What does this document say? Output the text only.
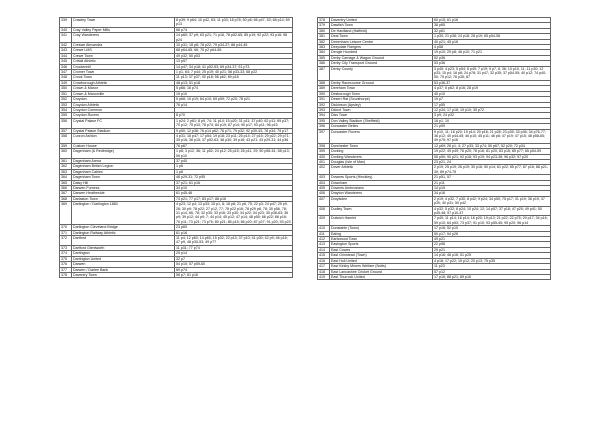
339	Crawley Town	8 p39; 9 p64; 10 p42, 63; 11 p33; 18 p78; 50 p6; 66 p47, 53; 68 p14; 69 p13
340	Cray Valley Paper Mills	68 p74
341	Cray Wanderers	14 p60; 37 p9; 63 p21; 71 p16, 78 p52-65; 85 p19; 92 p22; 93 p16; 96 p24
342	Creswe Alexandra	10 p31; 18 p8; 78 p22; 79 p34-37; 88 p44-45
343	Crewe LMS	68 p64-65, 66; 75 p2 p64-65
344	Crewe Town	49 p32; 50 p53
345	Crittall Athletic	13 p57
346	Crockenhill	14 p47; 34 p18; 41 p52-53; 69 p34-37; 91 p73
347	Cromer Town	1 p1, 64; 7 p44; 25 p19; 40 p21; 58 p33-33; 68 p22
348	Crook Town	11 p13; 37 p37; 40 p18; 56 p62; 69 p18
349	Crowborough Athletic	48 p13; 51 p18
350	Crown & Manor	5 p66; 16 p74
351	Crown & Manorville	19 p10
352	Croydon	9 p68; 10 p19; 64 p10; 69 p59; 72 p20; 78 p21
353	Croydon Athletic	76 p14
354	Croydon Common	
355	Croydon Rovers	8 p70
356	Crystal Palace FC	1 p24; 2 p61; 8 p9, 74; 11 p14; 15 p20; 31 p11; 37 p40; 62 p11; 69 p37; 70 p12; 75 p10; 78 p74; 84 p19; 87 p14; 90 p17; 93 p11; 96 p15
357	Crystal Palace Stadium	9 p50; 12 p36; 76 p14 p62; 76 p71; 79 p32; 92 p39-43; 78 p34; 79 p17
358	Curzon Ashton	4 p31; 16 p47; 17 p54; 19 p18; 23 p11; 25 p14; 27 p15; 29 p22; 29 p71; 35 p16; 36 p15; 37 p52-63; 38 p30; 39 p16; 43 p21; 43 p29-31; 44 p36
359	Custom House	76 p67
360	Dagenham (& Redbridge)	1 p6; 3 p12, 36; 11 p52; 24 p12; 25 p15; 26 p11, 29; 50 p56-61; 58 p13; 59 p10
361	Dagenham Arena	37 p40
362	Dagenham British Legion	1 p6
363	Dagenham Cables	1 p6
364	Dagenham Town	46 p29-31; 72 p55
365	Daisy Hill	37 p21; 61 p16
366	Darwen Furness	34 p10
367	Darwen Heatheside	61 p45-46
368	Darlaston Town	74 p21; 77 p17; 83 p17; 88 p16
369	Darlington / Darlington 1883	4 p23; 12 p4; 13 p33; 15 p1, 8; 18 p8; 21 p6, 75; 22 p3; 24 p47; 25 p9, 26; 30 p9; 78 p22; 27 p12, 77; 78 p22 p16; 78 p29 p8, 78; 30 p56, 78; 31 p14, 66, 78; 32 p30; 33 p16; 33 p30; 34 p22; 34 p23; 35 p38-63; 36 p9; 39 p12; 44 p9; 7; 44 p14; 45 p12; 47 p14; 48 p50; 66 p22; 68 p16; 70 p11; 73 p21; 73 p75; 80 p21; 85 p15; 86 p20; 87 p27; 91 p20; 93 p23
370	Darlington Cleveland Bridge	23 p69
371	Darlington Railway Athletic	61 p16
372	Dartford	11 p4; 12 p60; 14 p60; 15 p32; 22 p13; 37 p10; 41 p30; 42 p9; 46 p16; 47 p9, 48 p30-53; 49 p77
373	Dartford Glentworth	11 p31; 77 p74
374	Dartington	25 p14
375	Dartington United	32 p7
376	Darwen	54 p10; 57 p59-60
377	Darwen / Darlee Bank	69 p74
378	Daventry Town	56 p7; 61 p16
378	Daventry United	60 p15; 61 p16
379	Dawlish Town	38 p65
380	De Havilland (Hatfield)	32 p61
381	Deal Town	1 p30; 21 p38; 24 p18; 28 p19; 65 p54-58
382	Debenham Leisure Centre	40 p21; 45 p16
383	Deepdale Rangers	4 p58
384	Dengie Hundred	19 p10; 29 p8; 46 p10; 71 p21
385	Derby Carriage & Wagon Ground	52 p36
386	Derby City Transport Ground	53 p36
387	Derby County	3 p45; 4 p23; 5 p54; 6 p49; 7 p19; 9 p7, 8, 36; 10 p10, 11; 11 p30; 12 p33; 15 p4; 18 p8; 24 p78; 31 p47; 32 p35; 37 p54-55; 40 p12; 74 p40-50; 75 p12; 76 p35; 87
388	Derby Racecourse Ground	53 p36-37
389	Dereham Town	4 p37; 6 p62; 8 p16; 28 p19
390	Desborough Town	45 p10
391	Desert Rat (Scunthorpe)	19 p7
392	Dickinson (Apsley)	17 p55
393	Didcot Town	12 p34; 17 p18; 19 p10; 35 p72
394	Diss Town	3 p9; 24 p32
395	Don Valley Stadium (Sheffield)	16 p1, 10
396	Doncaster Belles	21 p59
397	Doncaster Rovers	9 p10, 11; 16 p20; 19 p14; 20 p16; 21 p28; 23 p35; 33 p36; 34 p76-77; 36 p12; 40 p44-45; 46 p10; 45 p11; 46 p8; 47 p19; 47 p15; 48 p58-65; 49 p75; 97 p16
398	Dorchester Town	12 p69; 26 p1, 4; 27 p33; 33 p74; 50 p67; 52 p20; 72 p34
399	Dorking	19 p22; 49 p49; 76 p20; 78 p16; 81 p20; 83 p15; 85 p77; 85 p54-59
400	Dorking Wanderers	55 p50; 90 p21; 92 p18; 93 p19; 94 p23-38; 96 p32; 97 p20
401	Douglas (Isle of Man)	23 p21, 24
402	Dover Athletic	2 p19; 25 p19; 26 p19; 30 p16; 50 p14; 61 p22; 85 p77; 87 p16; 88 p21-30; 89 p74-75
403	Downes Sports (Hinckley)	21 p51, 57
404	Downham	21 p11
405	Downes Ambrosians	14 p15
406	Drayton Wanderers	34 p16
407	Droylsden	2 p19; 4 p32; 7 p30; 8 p42; 9 p24; 34 p50; 75 p17; 31 p19; 36 p19; 37 p30; 40 p31; 50 p42
408	Dudley Town	4 p32; 5 p32; 6 p24; 10 p24; 12; 14 p57; 37 p18; 47 p20; 49 p41; 50 p45-46; 57 p10-47
409	Dulwich Hamlet	7 p40; 11 p14; 16 p14; 16 p20; 19 p13; 21 p22; 22 p75; 29 p17; 34 p16; 59 p10; 64 p53; 73 p37; 91 p10; 93 p55-45; 95 p20; 96 p14
410	Dunstable (Town)	17 p16; 52 p10
411	Ealing	50 p17; 54 p26
412	Earlswood Town	49 p21
413	Easington Sports	22 p58
414	East Cowes	29 p21
415	East Grinstead (Town)	14 p16; 46 p16; 51 p25
416	East Hull United	4 p18; 17 p22; 19 p12; 20 p13; 75 p35
417	East Kirkby Miners Welfare (Notts)	11 p23
418	East Lancashire Cricket Ground	57 p12
419	East Thurrock United	17 p16; 88 p21; 89 p16
